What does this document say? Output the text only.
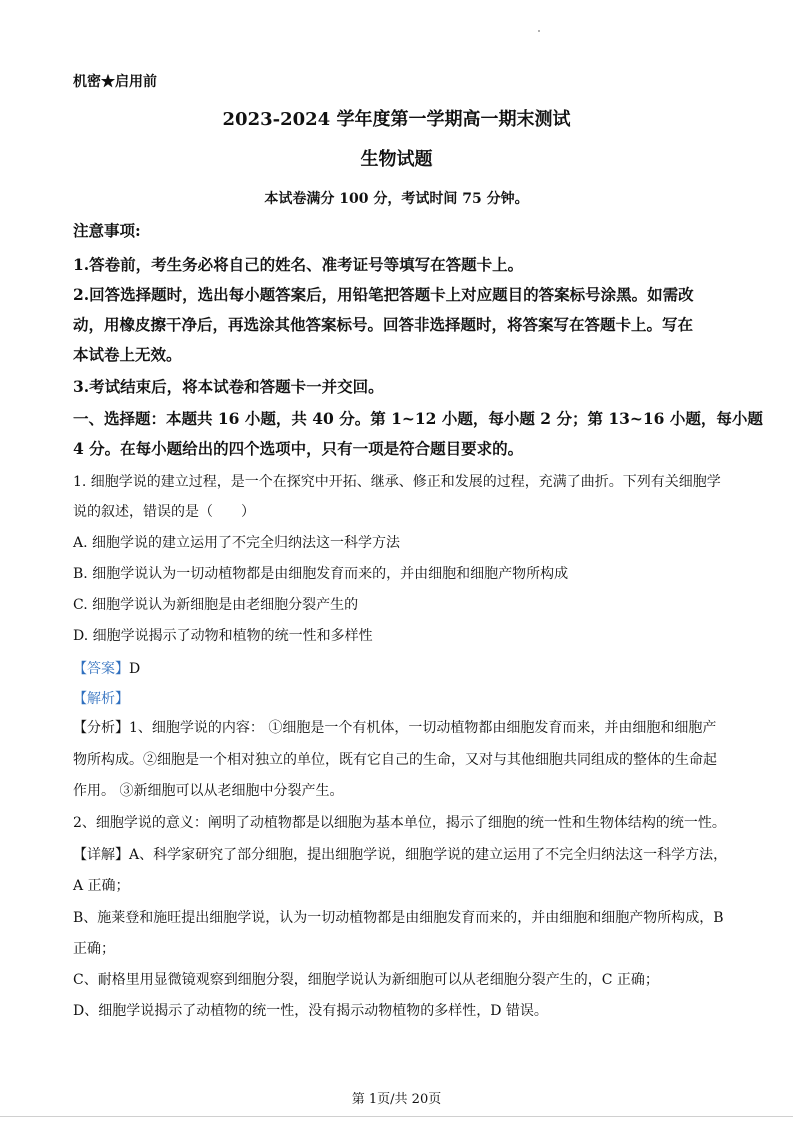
机密★启用前
2023-2024 学年度第一学期高一期末测试
生物试题
本试卷满分 100 分，考试时间 75 分钟。
注意事项:
1.答卷前，考生务必将自己的姓名、准考证号等填写在答题卡上。
2.回答选择题时，选出每小题答案后，用铅笔把答题卡上对应题目的答案标号涂黑。如需改
动，用橡皮擦干净后，再选涂其他答案标号。回答非选择题时，将答案写在答题卡上。写在
本试卷上无效。
3.考试结束后，将本试卷和答题卡一并交回。
一、选择题：本题共 16 小题，共 40 分。第 1~12 小题，每小题 2 分；第 13~16 小题，每小题
4 分。在每小题给出的四个选项中，只有一项是符合题目要求的。
1. 细胞学说的建立过程，是一个在探究中开拓、继承、修正和发展的过程，充满了曲折。下列有关细胞学
说的叙述，错误的是（　　）
A. 细胞学说的建立运用了不完全归纳法这一科学方法
B. 细胞学说认为一切动植物都是由细胞发育而来的，并由细胞和细胞产物所构成
C. 细胞学说认为新细胞是由老细胞分裂产生的
D. 细胞学说揭示了动物和植物的统一性和多样性
【答案】D
【解析】
【分析】1、细胞学说的内容： ①细胞是一个有机体，一切动植物都由细胞发育而来，并由细胞和细胞产
物所构成。②细胞是一个相对独立的单位，既有它自己的生命，又对与其他细胞共同组成的整体的生命起
作用。 ③新细胞可以从老细胞中分裂产生。
2、细胞学说的意义：阐明了动植物都是以细胞为基本单位，揭示了细胞的统一性和生物体结构的统一性。
【详解】A、科学家研究了部分细胞，提出细胞学说，细胞学说的建立运用了不完全归纳法这一科学方法，
A 正确；
B、施莱登和施旺提出细胞学说，认为一切动植物都是由细胞发育而来的，并由细胞和细胞产物所构成，B
正确；
C、耐格里用显微镜观察到细胞分裂，细胞学说认为新细胞可以从老细胞分裂产生的，C 正确；
D、细胞学说揭示了动植物的统一性，没有揭示动物植物的多样性，D 错误。
第 1页/共 20页
